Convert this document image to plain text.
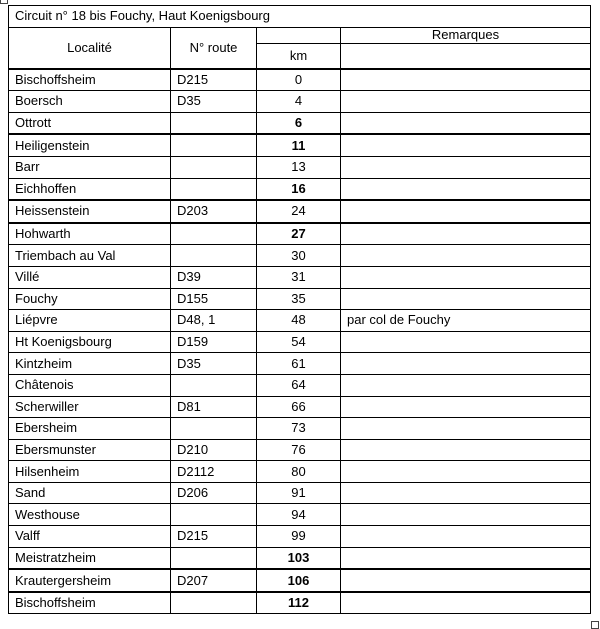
Circuit n° 18 bis Fouchy, Haut Koenigsbourg			
Localité	N° route		Remarques
		km	
Bischoffsheim	D215	0	
Boersch	D35	4	
Ottrott		6	
Heiligenstein		11	
Barr		13	
Eichhoffen		16	
Heissenstein	D203	24	
Hohwarth		27	
Triembach au Val		30	
Villé	D39	31	
Fouchy	D155	35	
Liépvre	D48, 1	48	par col de Fouchy
Ht Koenigsbourg	D159	54	
Kintzheim	D35	61	
Châtenois		64	
Scherwiller	D81	66	
Ebersheim		73	
Ebersmunster	D210	76	
Hilsenheim	D2112	80	
Sand	D206	91	
Westhouse		94	
Valff	D215	99	
Meistratzheim		103	
Krautergersheim	D207	106	
Bischoffsheim		112	
